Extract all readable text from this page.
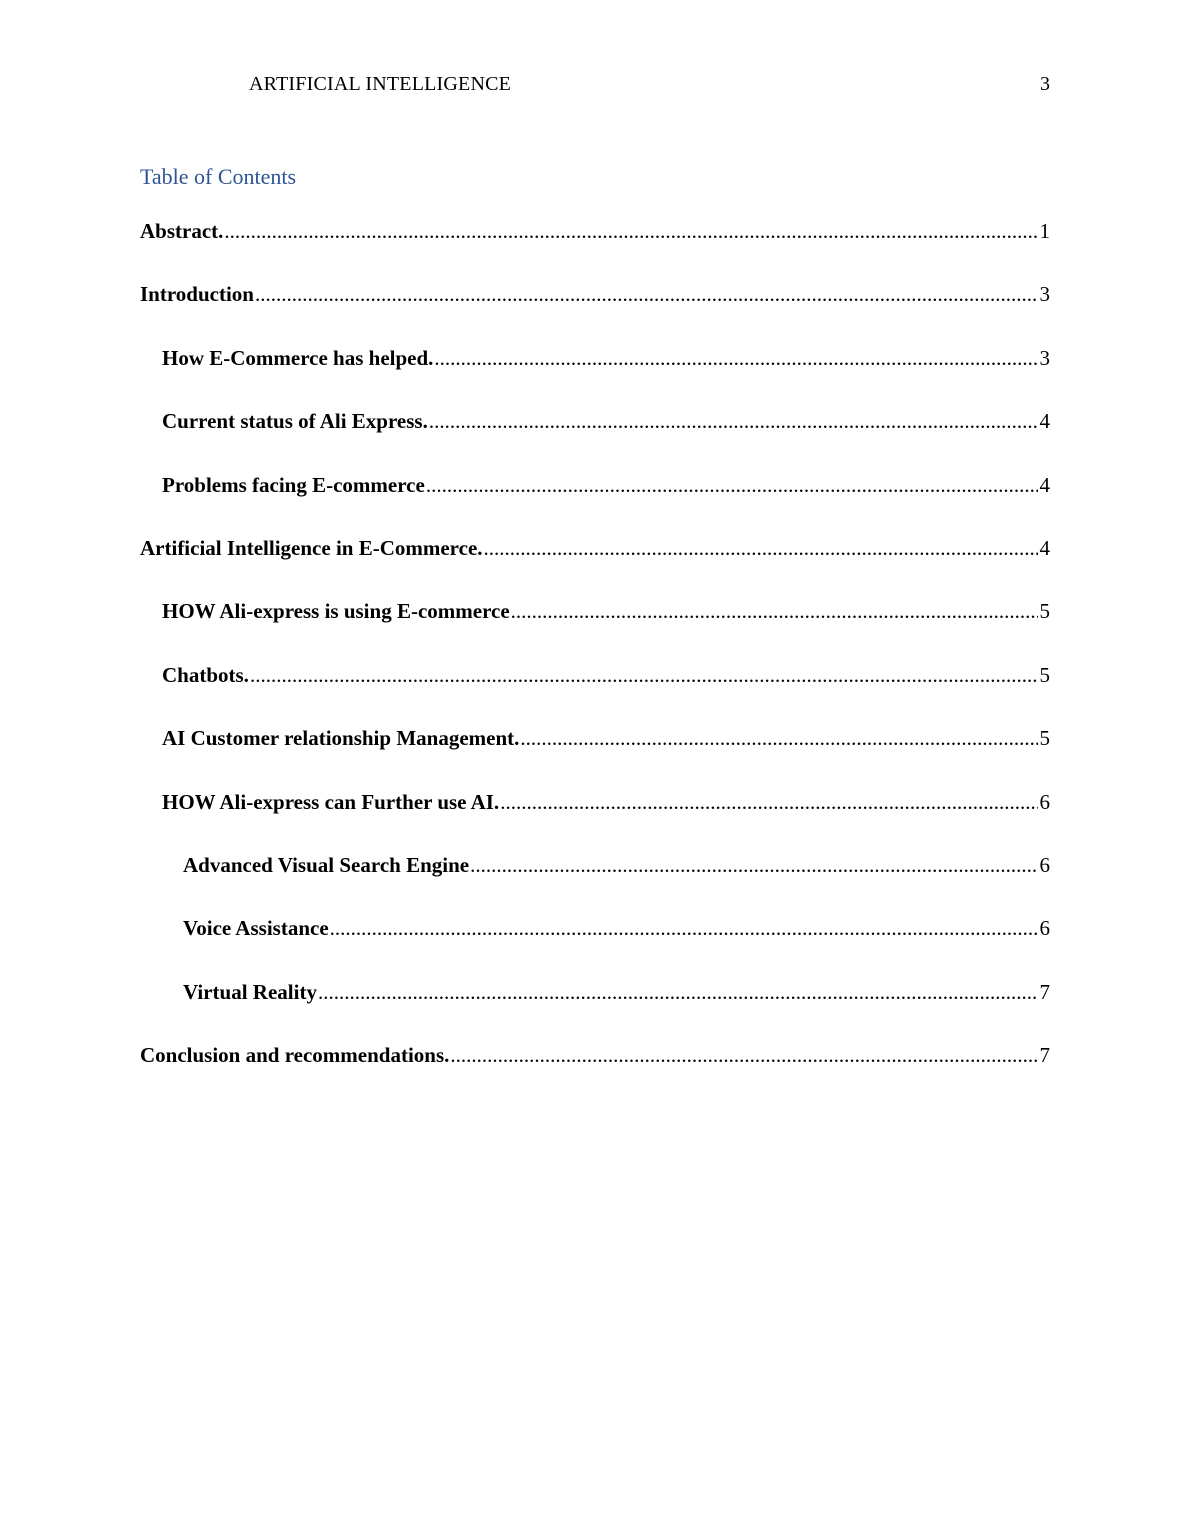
ARTIFICIAL INTELLIGENCE	3
Table of Contents
Abstract. .....	1
Introduction .....	3
How E-Commerce has helped. .....	3
Current status of Ali Express. .....	4
Problems facing E-commerce .....	4
Artificial Intelligence in E-Commerce. .....	4
HOW Ali-express is using E-commerce .....	5
Chatbots. .....	5
AI Customer relationship Management. .....	5
HOW Ali-express can Further use AI. .....	6
Advanced Visual Search Engine .....	6
Voice Assistance .....	6
Virtual Reality .....	7
Conclusion and recommendations. .....	7
